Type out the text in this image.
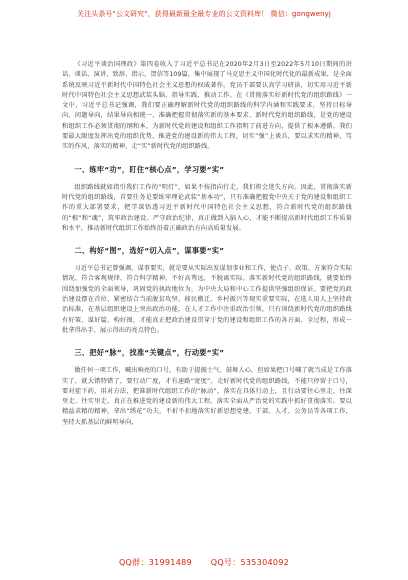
关注头条号"公文研究"，获得最新最全最专业的公文资料库！ 微信：gongwenyj

《习近平谈治国理政》第四卷收入了习近平总书记在2020年2月3日至2022年5月10日期间的讲话、谈话、演讲、致辞、指示、贺信等109篇，集中展现了马克思主义中国化时代化的最新成果，是全面系统反映习近平新时代中国特色社会主义思想的权威著作。党员干部要认真学习研读，切实用习近平新时代中国特色社会主义思想武装头脑、指导实践、推动工作。在《贯彻落实好新时代党的组织路线》一文中，习近平总书记强调，我们要正确理解新时代党的组织路线的科学内涵和实践要求，坚持目标导向、问题导向，结果导向相统一，准确把握贯彻落实新的基本要求、新时代党的组织路线，是党的建设和组织工作必须贯彻的纲和本，为新时代党的建设和组织工作指明了前进方向，提供了根本遵循。我们要最大限度发挥出党的组织优势，推进党的建设新的伟大工程，切实“强”上谈兵，要以求实的精神，笃实的作风，落实的精神，走“实”新时代党的组织路线。

一、练牢“功”，盯住“核心点”，学习要“实”

组织路线就如指引我们工作的“明灯”，如果不按指向行走，我们将会迷失方向。因此，贯彻落实新时代党的组织路线，首要任务是要练牢理论武装“基本功”，只有准确把握党中央关于党的建设和组织工作的重大部署要求，把学深悟透习近平新时代中国特色社会主义思想，符合新时代党的组织路线的“根”和“魂”，筑牢政治建设、严守政治纪律，真正做到入脑入心，才能不断提高新时代组织工作质量和水平，推动新时代组织工作始终沿着正确政治方向高质量发展。

二、构好“图”，选好“切入点”，谋事要“实”

习近平总书记曾强调，谋事要实，就是要从实际出发谋划事业和工作，使点子、政策、方案符合实际情况、符合客观规律、符合科学精神，不好高骛远，不脱离实际。落实新时代党的组织路线，就要始终围绕加强党的全面领导，巩固党的执政地位为，为中央大局和中心工作提供坚强组织保证。要把党的政治建设摆在首位，紧密结合当前脱贫攻坚、移民搬迁、乡村振兴等现实重要实际，在选人用人上坚持政治标准，在基层组织建设上突出政治功能，在人才工作中注重政治引领，只有围绕新时代党的组织路线有好策、谋好篇、构好图，才能真正把政治建设贯穿于党的建设和组织工作的各方面、全过程，形成一批拿得出手、展示得出的亮点特色。

三、把好“脉”，找准“关键点”，行动要“实”

做任何一项工作，喊出响亮的口号，有助于提振士气、鼓舞人心，但如果把口号喊了就当成是工作落实了，就大错特错了，要行动广度，才有速路“宽度”。走好新时代党的组织路线，不能只停留于口号，要对症下药，用对方法，把准新时代组织工作的“脉动”，落实在具体行动上，且行动要往心里走、往深里走、往实里走，真正在推进党的建设新的伟大工程、落实全面从严治党的实践中抓好贯彻落实。要以精益求精的精神，拿出“绣花”功夫，不折不扣地落实好新思想党建、干部、人才、公务员等各项工作，坚持大抓基层的鲜明导向，

QQ群：31991489 QQ号：535304092
